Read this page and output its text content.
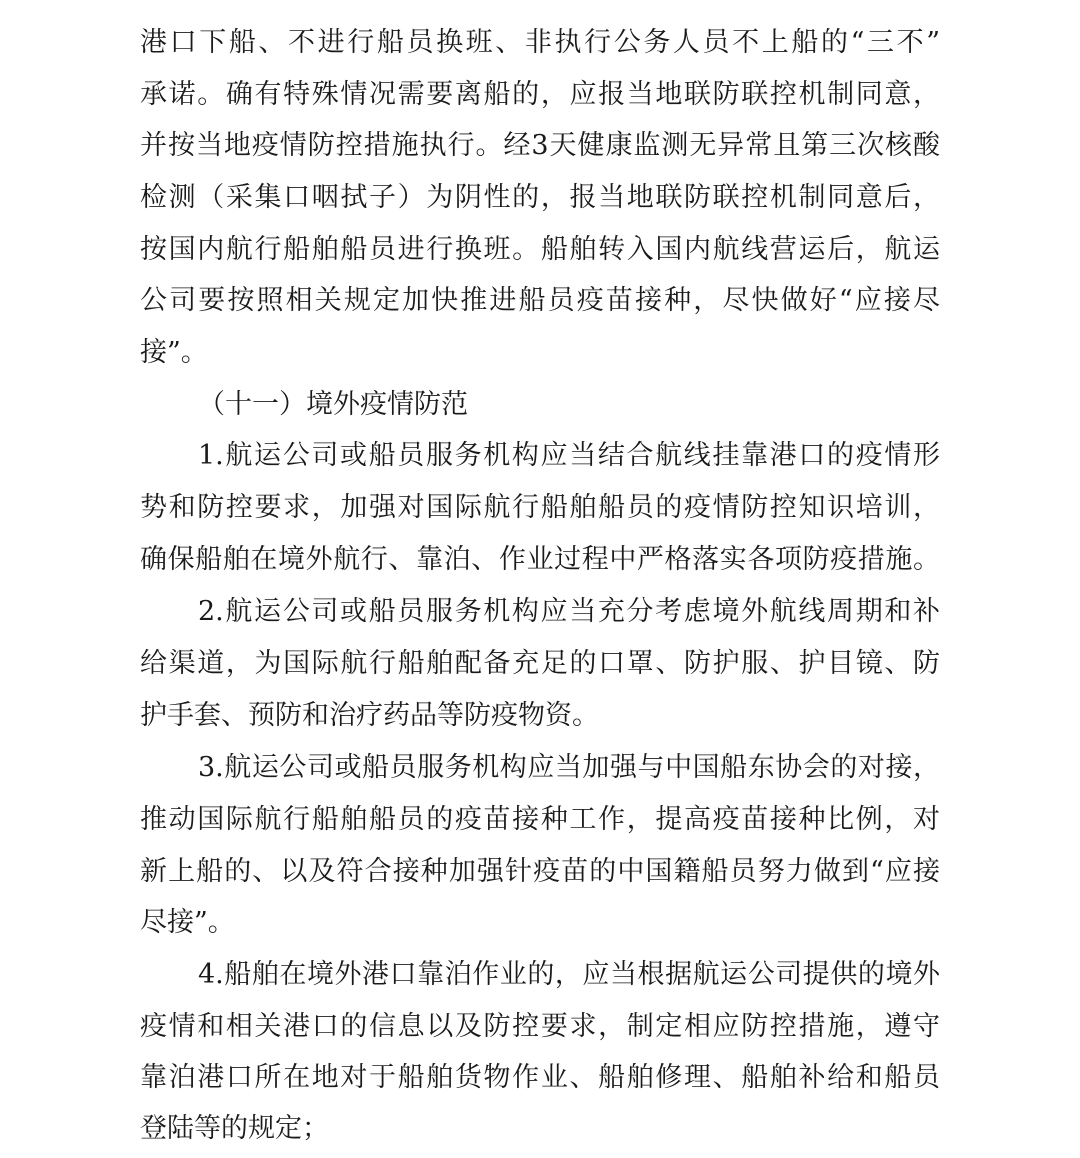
港口下船、不进行船员换班、非执行公务人员不上船的“三不”
承诺。确有特殊情况需要离船的，应报当地联防联控机制同意，
并按当地疫情防控措施执行。经3天健康监测无异常且第三次核酸
检测（采集口咽拭子）为阴性的，报当地联防联控机制同意后，
按国内航行船舶船员进行换班。船舶转入国内航线营运后，航运
公司要按照相关规定加快推进船员疫苗接种，尽快做好“应接尽
接”。
（十一）境外疫情防范
1.航运公司或船员服务机构应当结合航线挂靠港口的疫情形
势和防控要求，加强对国际航行船舶船员的疫情防控知识培训，
确保船舶在境外航行、靠泊、作业过程中严格落实各项防疫措施。
2.航运公司或船员服务机构应当充分考虑境外航线周期和补
给渠道，为国际航行船舶配备充足的口罩、防护服、护目镜、防
护手套、预防和治疗药品等防疫物资。
3.航运公司或船员服务机构应当加强与中国船东协会的对接，
推动国际航行船舶船员的疫苗接种工作，提高疫苗接种比例，对
新上船的、以及符合接种加强针疫苗的中国籍船员努力做到“应接
尽接”。
4.船舶在境外港口靠泊作业的，应当根据航运公司提供的境外
疫情和相关港口的信息以及防控要求，制定相应防控措施，遵守
靠泊港口所在地对于船舶货物作业、船舶修理、船舶补给和船员
登陆等的规定；
